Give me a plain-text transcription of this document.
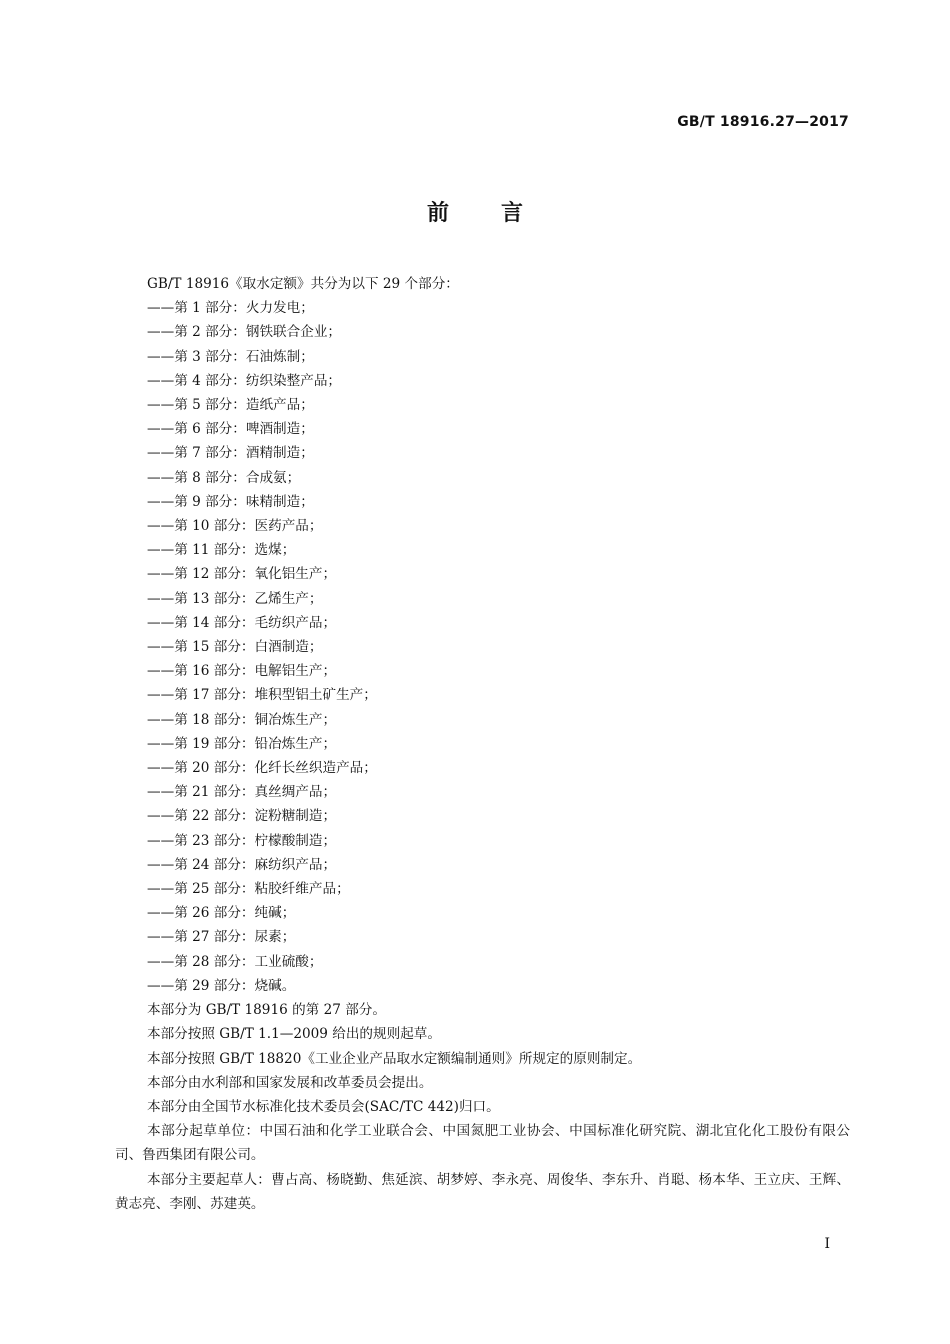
GB/T 18916.27—2017
前 言

GB/T 18916《取水定额》共分为以下 29 个部分：

——第 1 部分：火力发电；

——第 2 部分：钢铁联合企业；

——第 3 部分：石油炼制；

——第 4 部分：纺织染整产品；

——第 5 部分：造纸产品；

——第 6 部分：啤酒制造；

——第 7 部分：酒精制造；

——第 8 部分：合成氨；

——第 9 部分：味精制造；

——第 10 部分：医药产品；

——第 11 部分：选煤；

——第 12 部分：氧化铝生产；

——第 13 部分：乙烯生产；

——第 14 部分：毛纺织产品；

——第 15 部分：白酒制造；

——第 16 部分：电解铝生产；

——第 17 部分：堆积型铝土矿生产；

——第 18 部分：铜冶炼生产；

——第 19 部分：铅冶炼生产；

——第 20 部分：化纤长丝织造产品；

——第 21 部分：真丝绸产品；

——第 22 部分：淀粉糖制造；

——第 23 部分：柠檬酸制造；

——第 24 部分：麻纺织产品；

——第 25 部分：粘胶纤维产品；

——第 26 部分：纯碱；

——第 27 部分：尿素；

——第 28 部分：工业硫酸；

——第 29 部分：烧碱。

本部分为 GB/T 18916 的第 27 部分。

本部分按照 GB/T 1.1—2009 给出的规则起草。

本部分按照 GB/T 18820《工业企业产品取水定额编制通则》所规定的原则制定。

本部分由水利部和国家发展和改革委员会提出。

本部分由全国节水标准化技术委员会(SAC/TC 442)归口。

本部分起草单位：中国石油和化学工业联合会、中国氮肥工业协会、中国标准化研究院、湖北宜化化工股份有限公司、鲁西集团有限公司。

本部分主要起草人：曹占高、杨晓勤、焦延滨、胡梦婷、李永亮、周俊华、李东升、肖聪、杨本华、王立庆、王辉、黄志亮、李刚、苏建英。

I
